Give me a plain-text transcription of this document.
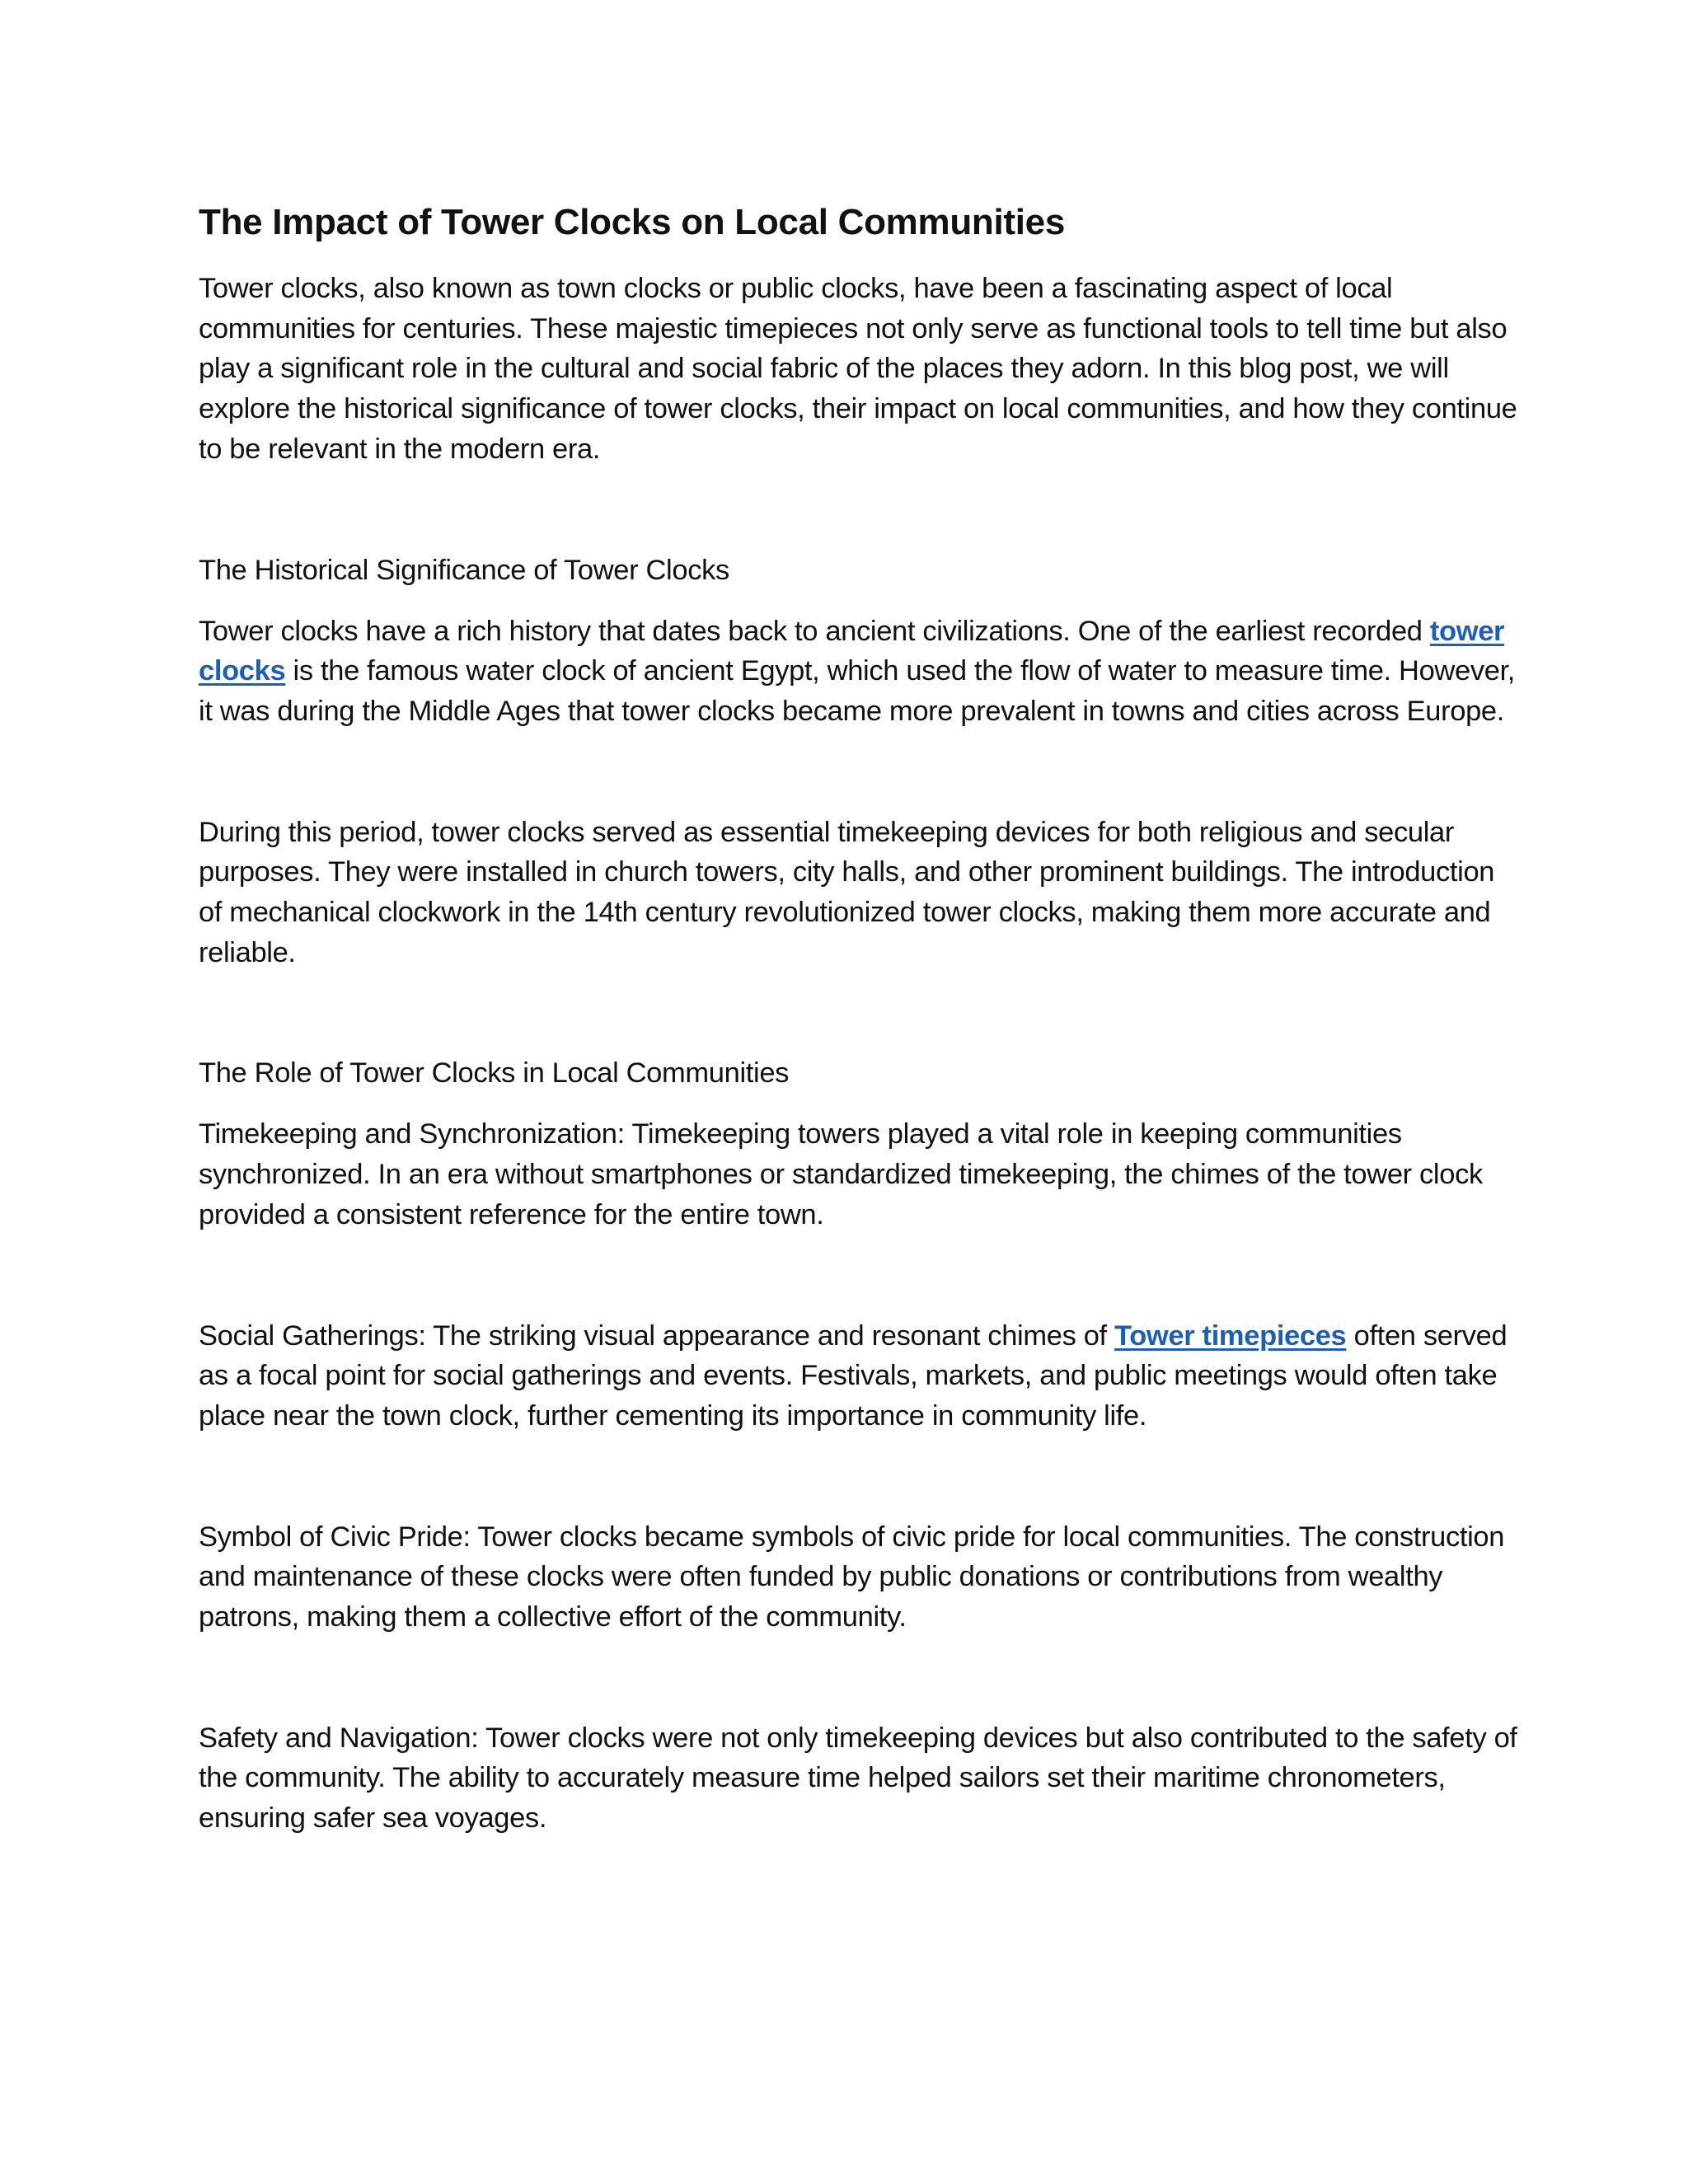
The Impact of Tower Clocks on Local Communities

Tower clocks, also known as town clocks or public clocks, have been a fascinating aspect of local communities for centuries. These majestic timepieces not only serve as functional tools to tell time but also play a significant role in the cultural and social fabric of the places they adorn. In this blog post, we will explore the historical significance of tower clocks, their impact on local communities, and how they continue to be relevant in the modern era.

The Historical Significance of Tower Clocks

Tower clocks have a rich history that dates back to ancient civilizations. One of the earliest recorded tower clocks is the famous water clock of ancient Egypt, which used the flow of water to measure time. However, it was during the Middle Ages that tower clocks became more prevalent in towns and cities across Europe.

During this period, tower clocks served as essential timekeeping devices for both religious and secular purposes. They were installed in church towers, city halls, and other prominent buildings. The introduction of mechanical clockwork in the 14th century revolutionized tower clocks, making them more accurate and reliable.

The Role of Tower Clocks in Local Communities

Timekeeping and Synchronization: Timekeeping towers played a vital role in keeping communities synchronized. In an era without smartphones or standardized timekeeping, the chimes of the tower clock provided a consistent reference for the entire town.

Social Gatherings: The striking visual appearance and resonant chimes of Tower timepieces often served as a focal point for social gatherings and events. Festivals, markets, and public meetings would often take place near the town clock, further cementing its importance in community life.

Symbol of Civic Pride: Tower clocks became symbols of civic pride for local communities. The construction and maintenance of these clocks were often funded by public donations or contributions from wealthy patrons, making them a collective effort of the community.

Safety and Navigation: Tower clocks were not only timekeeping devices but also contributed to the safety of the community. The ability to accurately measure time helped sailors set their maritime chronometers, ensuring safer sea voyages.
